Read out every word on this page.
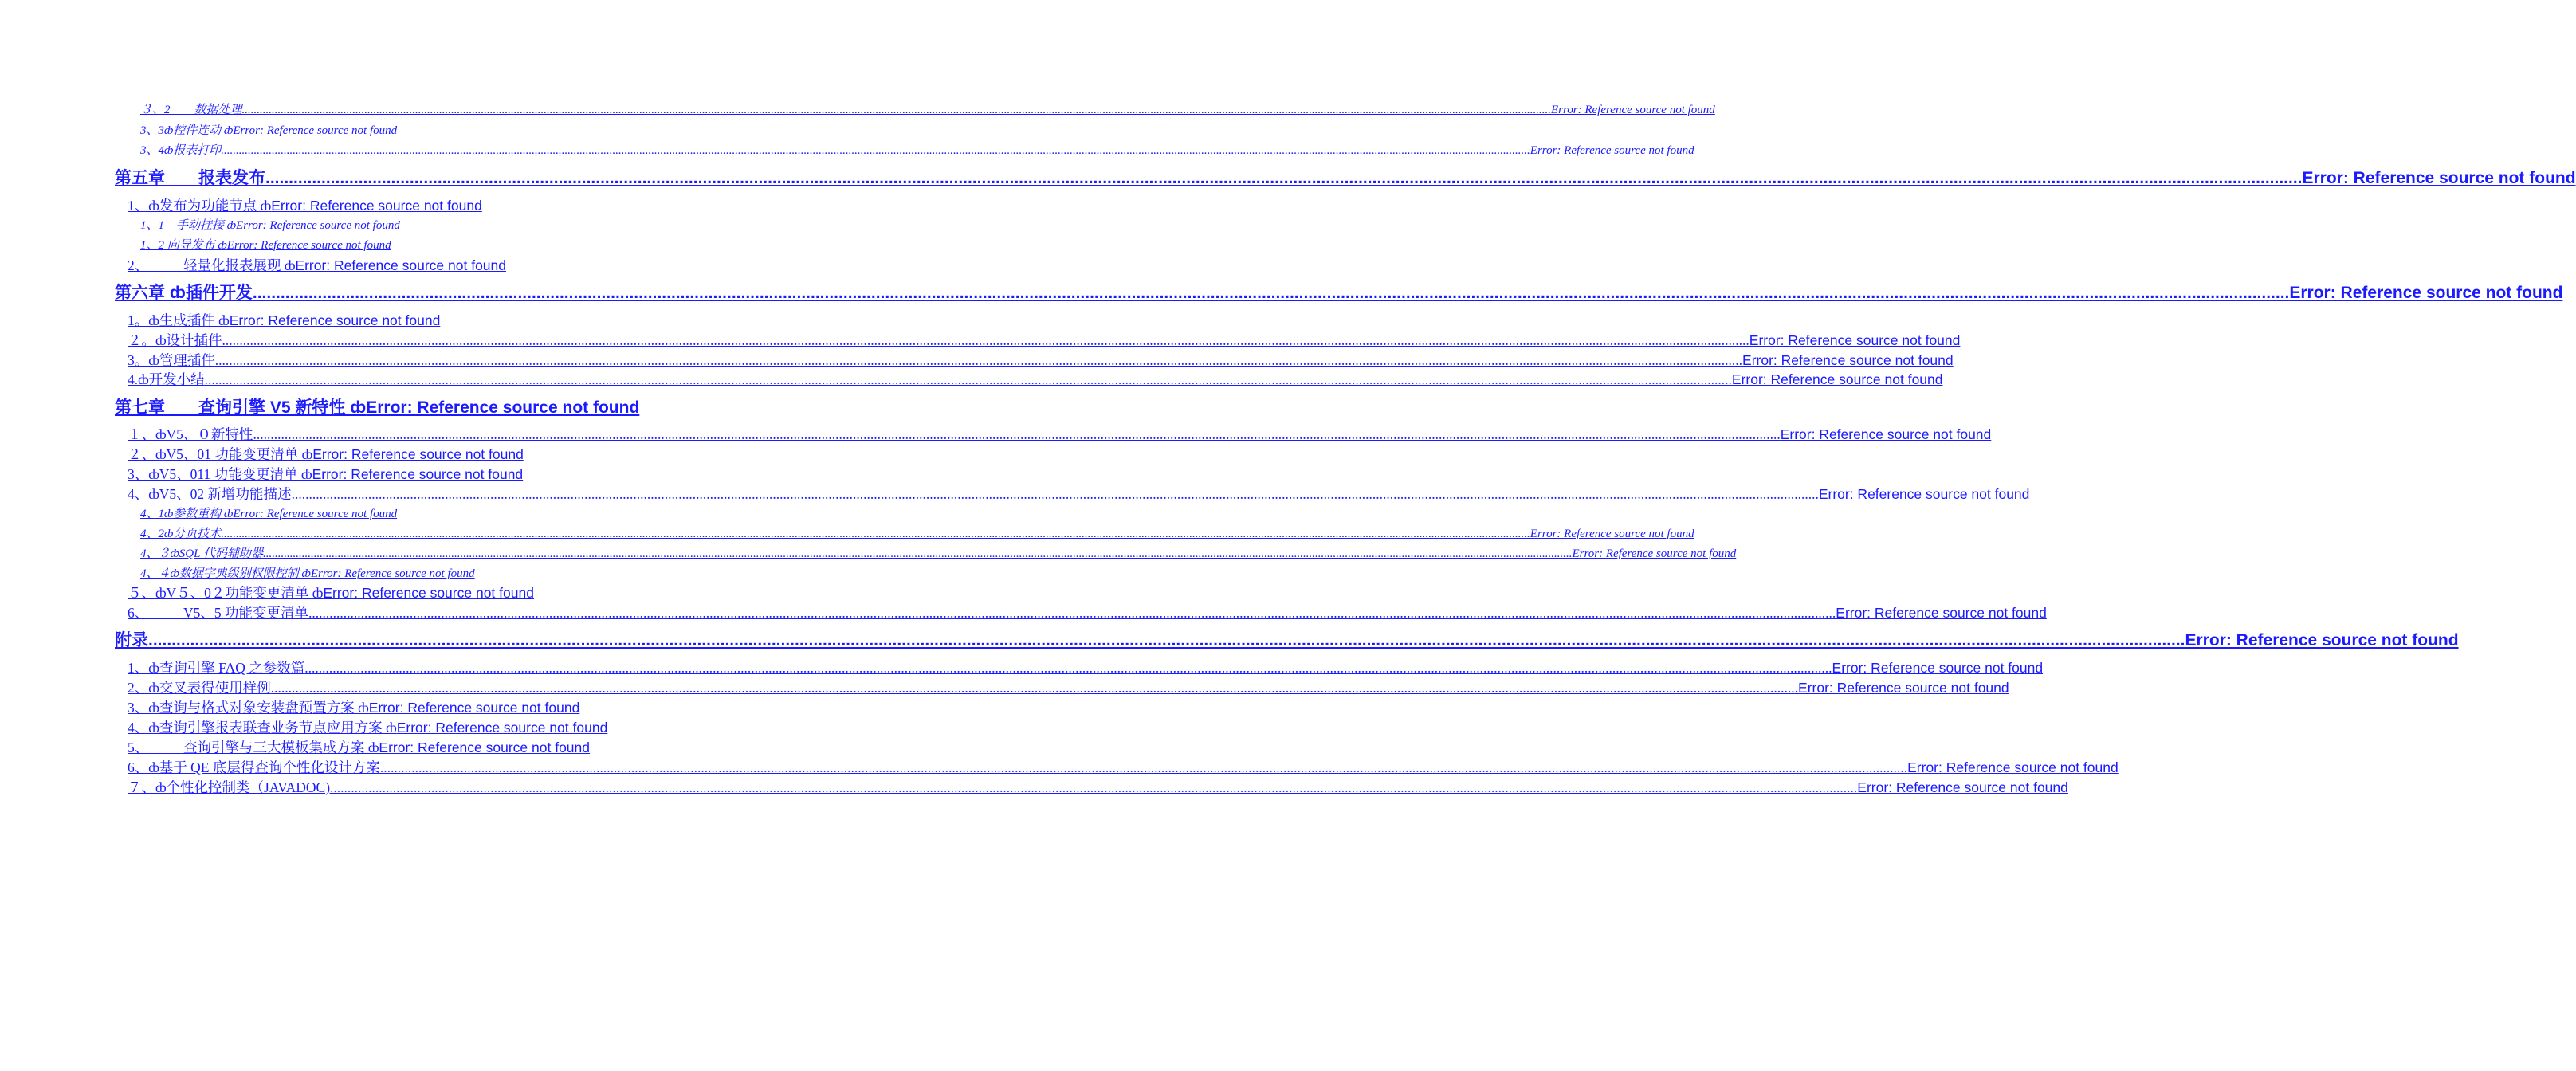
３、2　　数据处理 ...................................................................................................................................................................................................................................................................................................................................................................................................................................................... Error: Reference source not found
3、3ȸ控件连动 ȸ Error: Reference source not found
3、4ȸ报表打印 ...................................................................................................................................................................................................................................................................................................................................................................................................................................................... Error: Reference source not found
第五章　　报表发布 ...................................................................................................................................................................................................................................................................................................................................................................................................................................................... Error: Reference source not found
1、ȸ发布为功能节点 ȸ Error: Reference source not found
1、1　手动挂接 ȸ Error: Reference source not found
1、2 向导发布 ȸ Error: Reference source not found
2、　　　轻量化报表展现 ȸ Error: Reference source not found
第六章 ȸ插件开发 ...................................................................................................................................................................................................................................................................................................................................................................................................................................................... Error: Reference source not found
1。ȸ生成插件 ȸ Error: Reference source not found
２。ȸ设计插件 ...................................................................................................................................................................................................................................................................................................................................................................................................................................................... Error: Reference source not found
3。ȸ管理插件 ...................................................................................................................................................................................................................................................................................................................................................................................................................................................... Error: Reference source not found
4.ȸ开发小结 ...................................................................................................................................................................................................................................................................................................................................................................................................................................................... Error: Reference source not found
第七章　　查询引擎 V5 新特性 ȸ Error: Reference source not found
１、ȸV5、０新特性 ...................................................................................................................................................................................................................................................................................................................................................................................................................................................... Error: Reference source not found
２、ȸV5、01 功能变更清单 ȸ Error: Reference source not found
3、ȸV5、011 功能变更清单 ȸ Error: Reference source not found
4、ȸV5、02 新增功能描述 ...................................................................................................................................................................................................................................................................................................................................................................................................................................................... Error: Reference source not found
4、1ȸ参数重构 ȸ Error: Reference source not found
4、2ȸ分页技术 ...................................................................................................................................................................................................................................................................................................................................................................................................................................................... Error: Reference source not found
4、３ȸSQL 代码辅助器 ...................................................................................................................................................................................................................................................................................................................................................................................................................................................... Error: Reference source not found
4、４ȸ数据字典级别权限控制 ȸ Error: Reference source not found
５、ȸV５、0２功能变更清单 ȸ Error: Reference source not found
6、　　　V5、5 功能变更清单 ...................................................................................................................................................................................................................................................................................................................................................................................................................................................... Error: Reference source not found
附录 ...................................................................................................................................................................................................................................................................................................................................................................................................................................................... Error: Reference source not found
1、ȸ查询引擎 FAQ 之参数篇 ...................................................................................................................................................................................................................................................................................................................................................................................................................................................... Error: Reference source not found
2、ȸ交叉表得使用样例 ...................................................................................................................................................................................................................................................................................................................................................................................................................................................... Error: Reference source not found
3、ȸ查询与格式对象安装盘预置方案 ȸ Error: Reference source not found
4、ȸ查询引擎报表联查业务节点应用方案 ȸ Error: Reference source not found
5、　　　查询引擎与三大模板集成方案 ȸ Error: Reference source not found
6、ȸ基于 QE 底层得查询个性化设计方案 ...................................................................................................................................................................................................................................................................................................................................................................................................................................................... Error: Reference source not found
７、ȸ个性化控制类（JAVADOC) ...................................................................................................................................................................................................................................................................................................................................................................................................................................................... Error: Reference source not found
